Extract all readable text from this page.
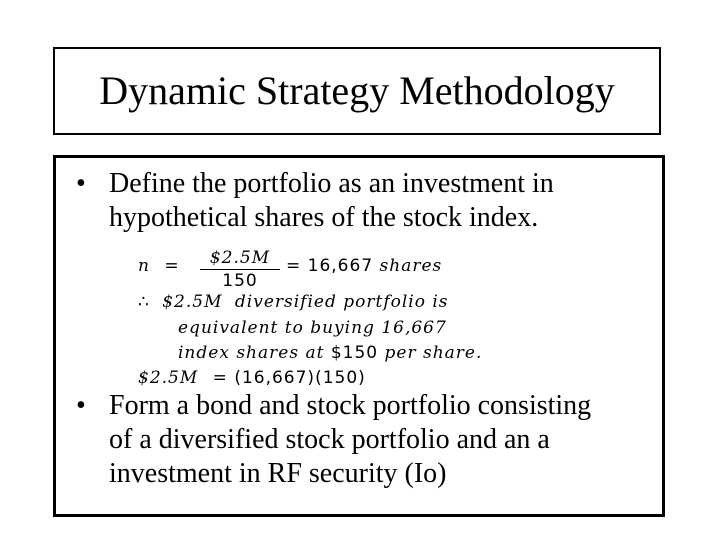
Dynamic Strategy Methodology
• Define the portfolio as an investment in
hypothetical shares of the stock index.
n =	$2.5M
150
= 16,667 shares
∴ $2.5M diversified portfolio is
equivalent to buying 16,667
index shares at $150 per share.
$2.5M = (16,667)(150)
• Form a bond and stock portfolio consisting
of a diversified stock portfolio and an a
investment in RF security (Io)
